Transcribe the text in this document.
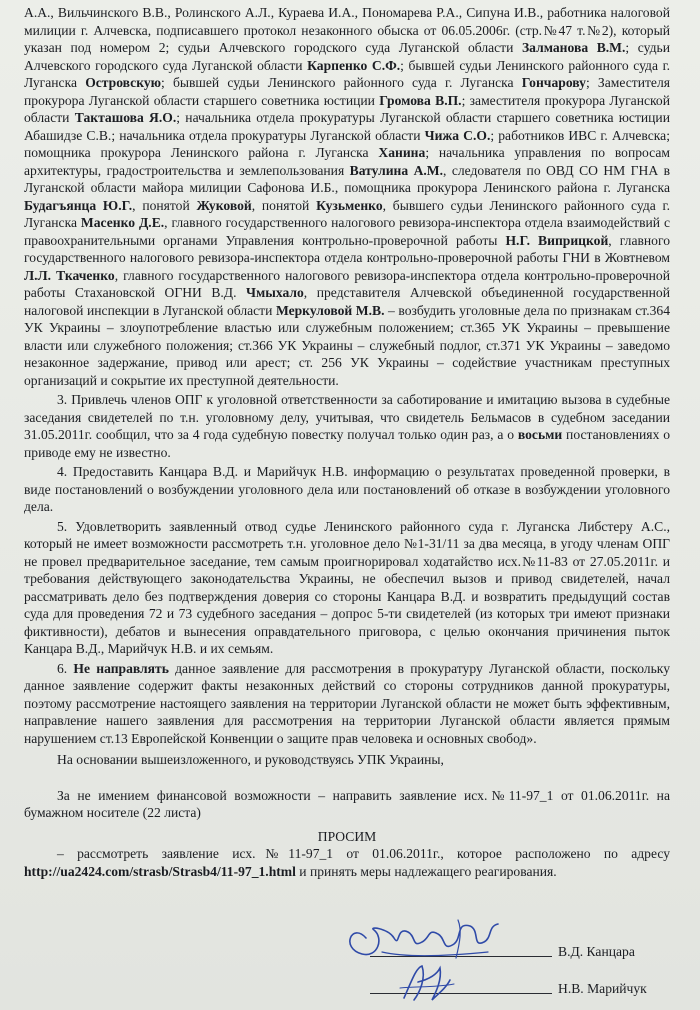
А.А., Вильчинского В.В., Ролинского А.Л., Кураева И.А., Пономарева Р.А., Сипуна И.В., работника налоговой милиции г. Алчевска, подписавшего протокол незаконного обыска от 06.05.2006г. (стр.№47 т.№2), который указан под номером 2; судьи Алчевского городского суда Луганской области Залманова В.М.; судьи Алчевского городского суда Луганской области Карпенко С.Ф.; бывшей судьи Ленинского районного суда г. Луганска Островскую; бывшей судьи Ленинского районного суда г. Луганска Гончарову; Заместителя прокурора Луганской области старшего советника юстиции Громова В.П.; заместителя прокурора Луганской области Такташова Я.О.; начальника отдела прокуратуры Луганской области старшего советника юстиции Абашидзе С.В.; начальника отдела прокуратуры Луганской области Чижа С.О.; работников ИВС г. Алчевска; помощника прокурора Ленинского района г. Луганска Ханина; начальника управления по вопросам архитектуры, градостроительства и землепользования Ватулина А.М., следователя по ОВД СО НМ ГНА в Луганской области майора милиции Сафонова И.Б., помощника прокурора Ленинского района г. Луганска Будагъянца Ю.Г., понятой Жуковой, понятой Кузьменко, бывшего судьи Ленинского районного суда г. Луганска Масенко Д.Е., главного государственного налогового ревизора-инспектора отдела взаимодействий с правоохранительными органами Управления контрольно-проверочной работы Н.Г. Виприцкой, главного государственного налогового ревизора-инспектора отдела контрольно-проверочной работы ГНИ в Жовтневом Л.Л. Ткаченко, главного государственного налогового ревизора-инспектора отдела контрольно-проверочной работы Стахановской ОГНИ В.Д. Чмыхало, представителя Алчевской объединенной государственной налоговой инспекции в Луганской области Меркуловой М.В. – возбудить уголовные дела по признакам ст.364 УК Украины – злоупотребление властью или служебным положением; ст.365 УК Украины – превышение власти или служебного положения; ст.366 УК Украины – служебный подлог, ст.371 УК Украины – заведомо незаконное задержание, привод или арест; ст. 256 УК Украины – содействие участникам преступных организаций и сокрытие их преступной деятельности.

3. Привлечь членов ОПГ к уголовной ответственности за саботирование и имитацию вызова в судебные заседания свидетелей по т.н. уголовному делу, учитывая, что свидетель Бельмасов в судебном заседании 31.05.2011г. сообщил, что за 4 года судебную повестку получал только один раз, а о восьми постановлениях о приводе ему не известно.

4. Предоставить Канцара В.Д. и Марийчук Н.В. информацию о результатах проведенной проверки, в виде постановлений о возбуждении уголовного дела или постановлений об отказе в возбуждении уголовного дела.

5. Удовлетворить заявленный отвод судье Ленинского районного суда г. Луганска Либстеру А.С., который не имеет возможности рассмотреть т.н. уголовное дело №1-31/11 за два месяца, в угоду членам ОПГ не провел предварительное заседание, тем самым проигнорировал ходатайство исх.№11-83 от 27.05.2011г. и требования действующего законодательства Украины, не обеспечил вызов и привод свидетелей, начал рассматривать дело без подтверждения доверия со стороны Канцара В.Д. и возвратить предыдущий состав суда для проведения 72 и 73 судебного заседания – допрос 5-ти свидетелей (из которых три имеют признаки фиктивности), дебатов и вынесения оправдательного приговора, с целью окончания причинения пыток Канцара В.Д., Марийчук Н.В. и их семьям.

6. Не направлять данное заявление для рассмотрения в прокуратуру Луганской области, поскольку данное заявление содержит факты незаконных действий со стороны сотрудников данной прокуратуры, поэтому рассмотрение настоящего заявления на территории Луганской области не может быть эффективным, направление нашего заявления для рассмотрения на территории Луганской области является прямым нарушением ст.13 Европейской Конвенции о защите прав человека и основных свобод».

На основании вышеизложенного, и руководствуясь УПК Украины,

За не имением финансовой возможности – направить заявление исх.№11-97_1 от 01.06.2011г. на бумажном носителе (22 листа)

ПРОСИМ

– рассмотреть заявление исх.№11-97_1 от 01.06.2011г., которое расположено по адресу http://ua2424.com/strasb/Strasb4/11-97_1.html и принять меры надлежащего реагирования.

В.Д. Канцара
Н.В. Марийчук
